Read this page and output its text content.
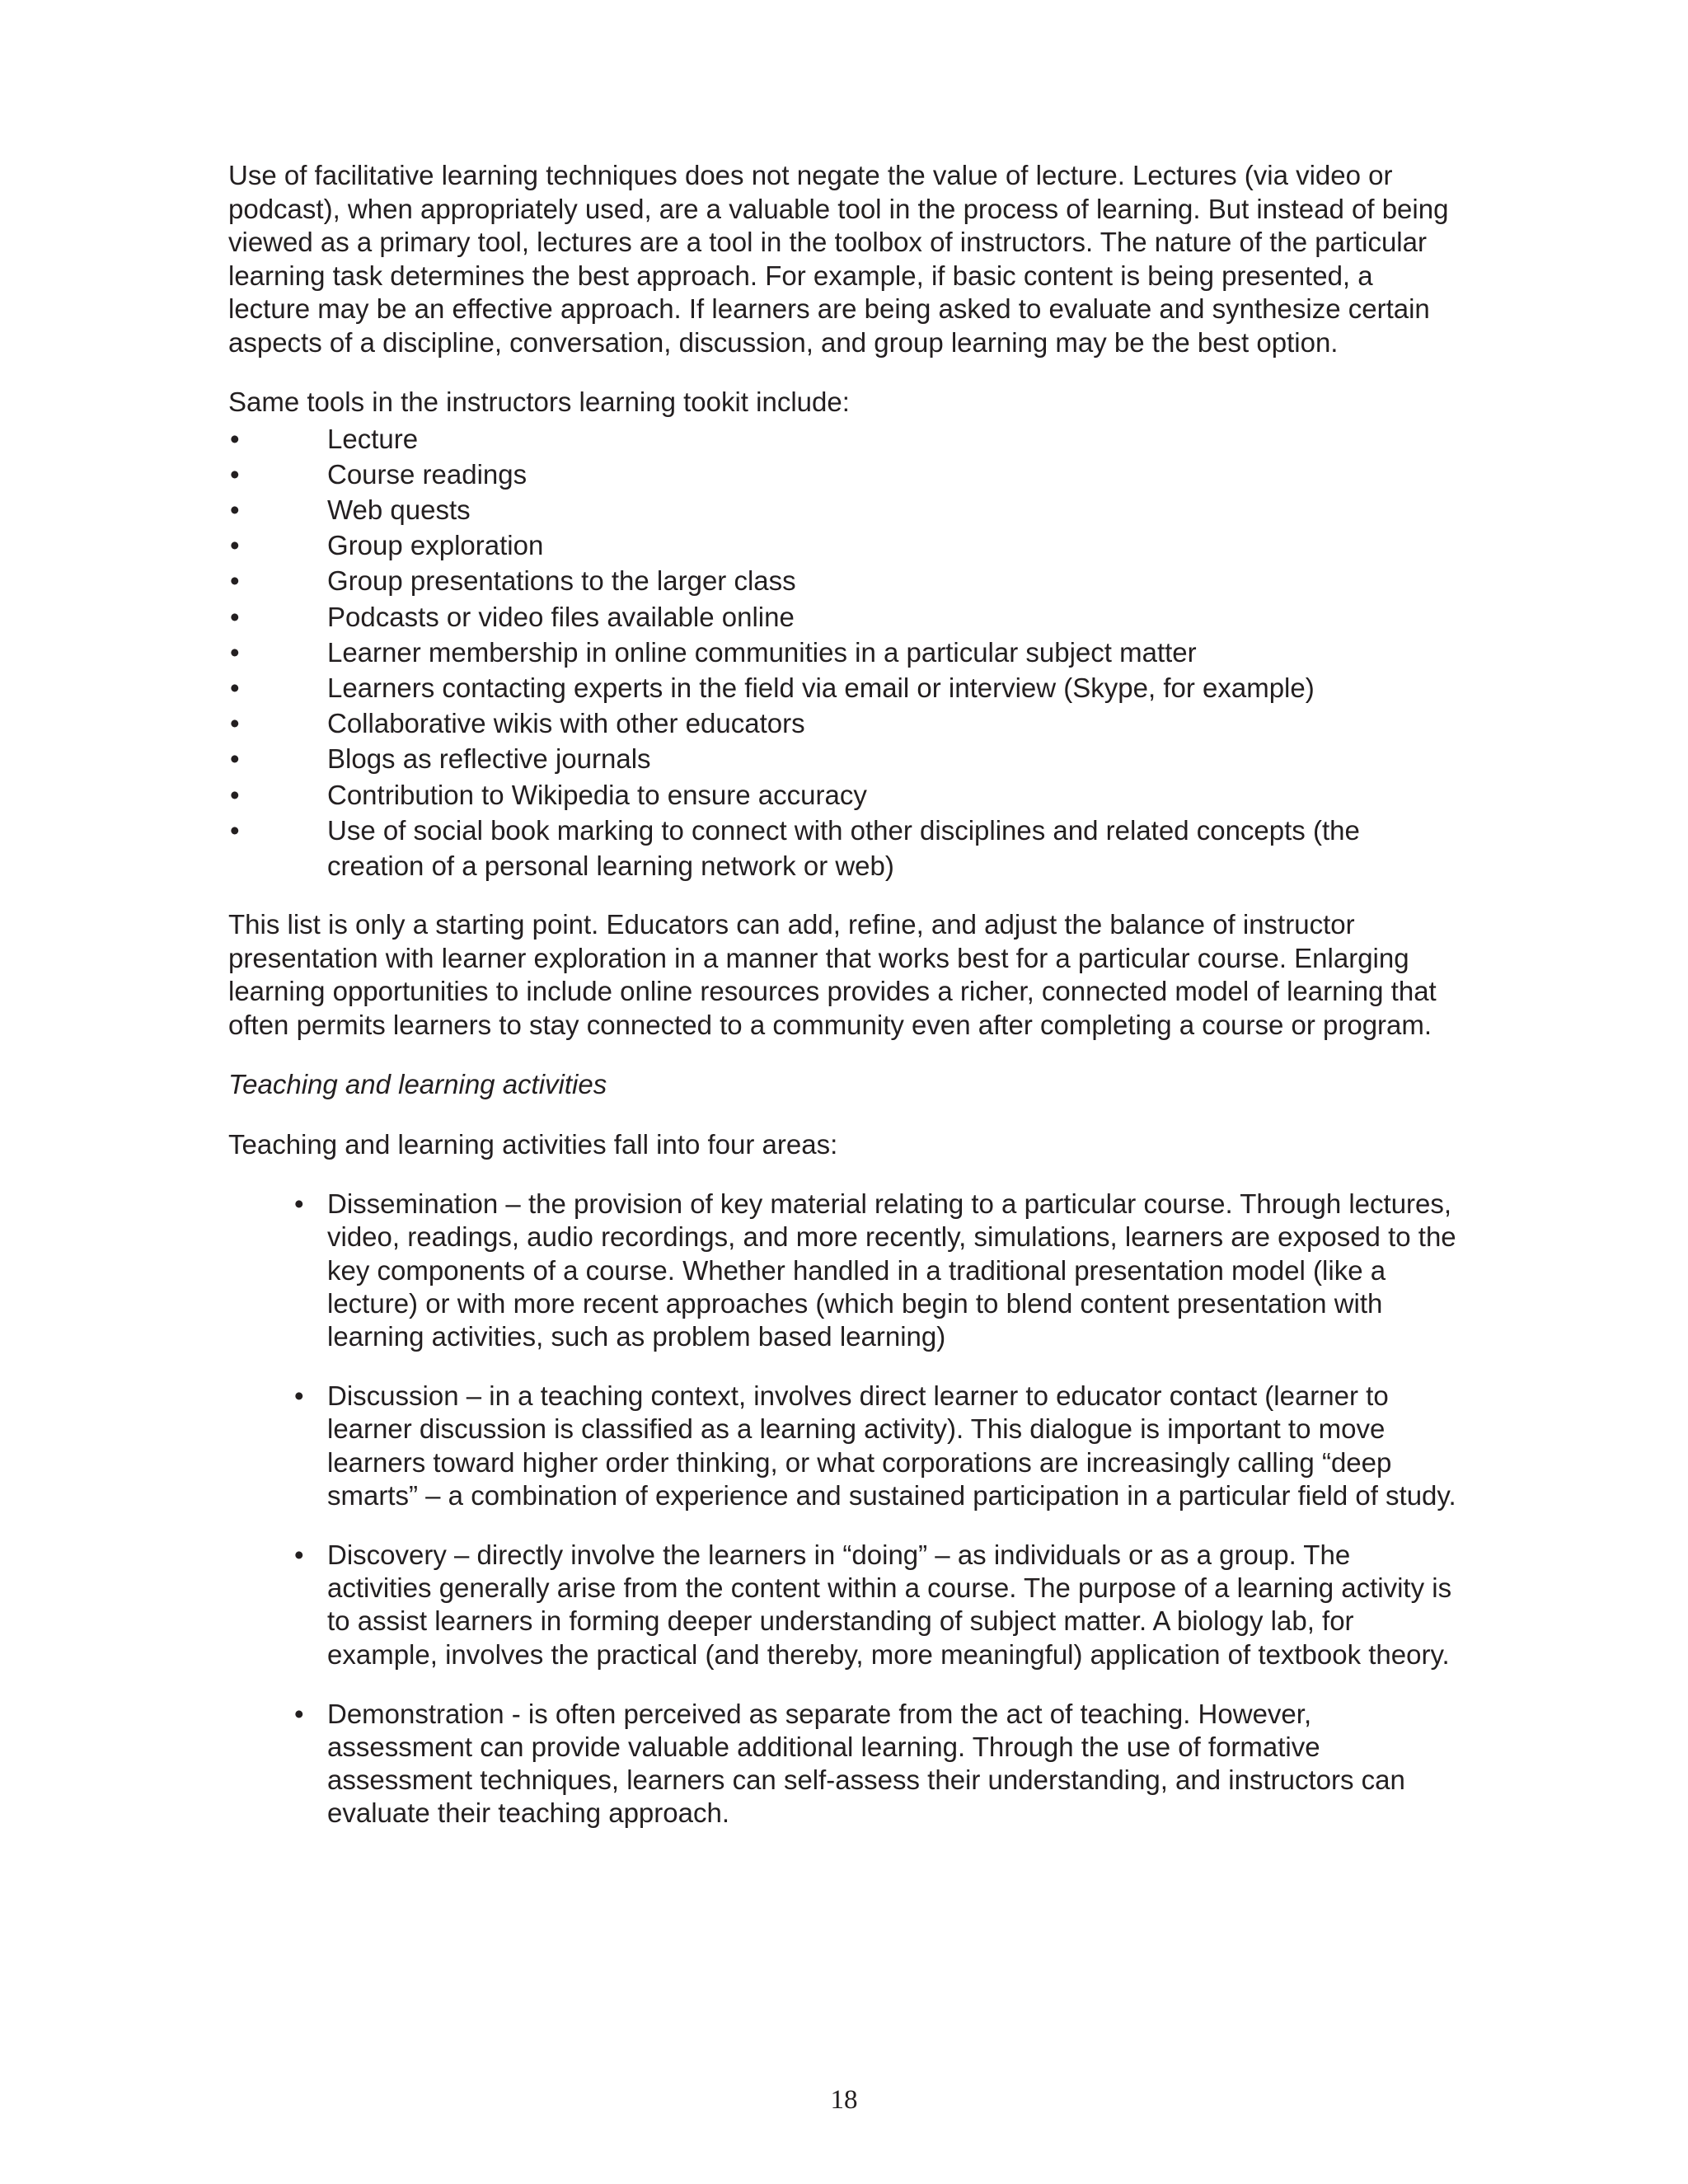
Use of facilitative learning techniques does not negate the value of lecture. Lectures (via video or podcast), when appropriately used, are a valuable tool in the process of learning. But instead of being viewed as a primary tool, lectures are a tool in the toolbox of instructors. The nature of the particular learning task determines the best approach. For example, if basic content is being presented, a lecture may be an effective approach. If learners are being asked to evaluate and synthesize certain aspects of a discipline, conversation, discussion, and group learning may be the best option.

Same tools in the instructors learning tookit include:

•	Lecture
•	Course readings
•	Web quests
•	Group exploration
•	Group presentations to the larger class
•	Podcasts or video files available online
•	Learner membership in online communities in a particular subject matter
•	Learners contacting experts in the field via email or interview (Skype, for example)
•	Collaborative wikis with other educators
•	Blogs as reflective journals
•	Contribution to Wikipedia to ensure accuracy
•	Use of social book marking to connect with other disciplines and related concepts (the creation of a personal learning network or web)

This list is only a starting point. Educators can add, refine, and adjust the balance of instructor presentation with learner exploration in a manner that works best for a particular course. Enlarging learning opportunities to include online resources provides a richer, connected model of learning that often permits learners to stay connected to a community even after completing a course or program.

Teaching and learning activities

Teaching and learning activities fall into four areas:

• Dissemination – the provision of key material relating to a particular course. Through lectures, video, readings, audio recordings, and more recently, simulations, learners are exposed to the key components of a course. Whether handled in a traditional presentation model (like a lecture) or with more recent approaches (which begin to blend content presentation with learning activities, such as problem based learning)
• Discussion – in a teaching context, involves direct learner to educator contact (learner to learner discussion is classified as a learning activity). This dialogue is important to move learners toward higher order thinking, or what corporations are increasingly calling “deep smarts” – a combination of experience and sustained participation in a particular field of study.
• Discovery – directly involve the learners in “doing” – as individuals or as a group. The activities generally arise from the content within a course. The purpose of a learning activity is to assist learners in forming deeper understanding of subject matter. A biology lab, for example, involves the practical (and thereby, more meaningful) application of textbook theory.
• Demonstration - is often perceived as separate from the act of teaching. However, assessment can provide valuable additional learning. Through the use of formative assessment techniques, learners can self-assess their understanding, and instructors can evaluate their teaching approach.
18
